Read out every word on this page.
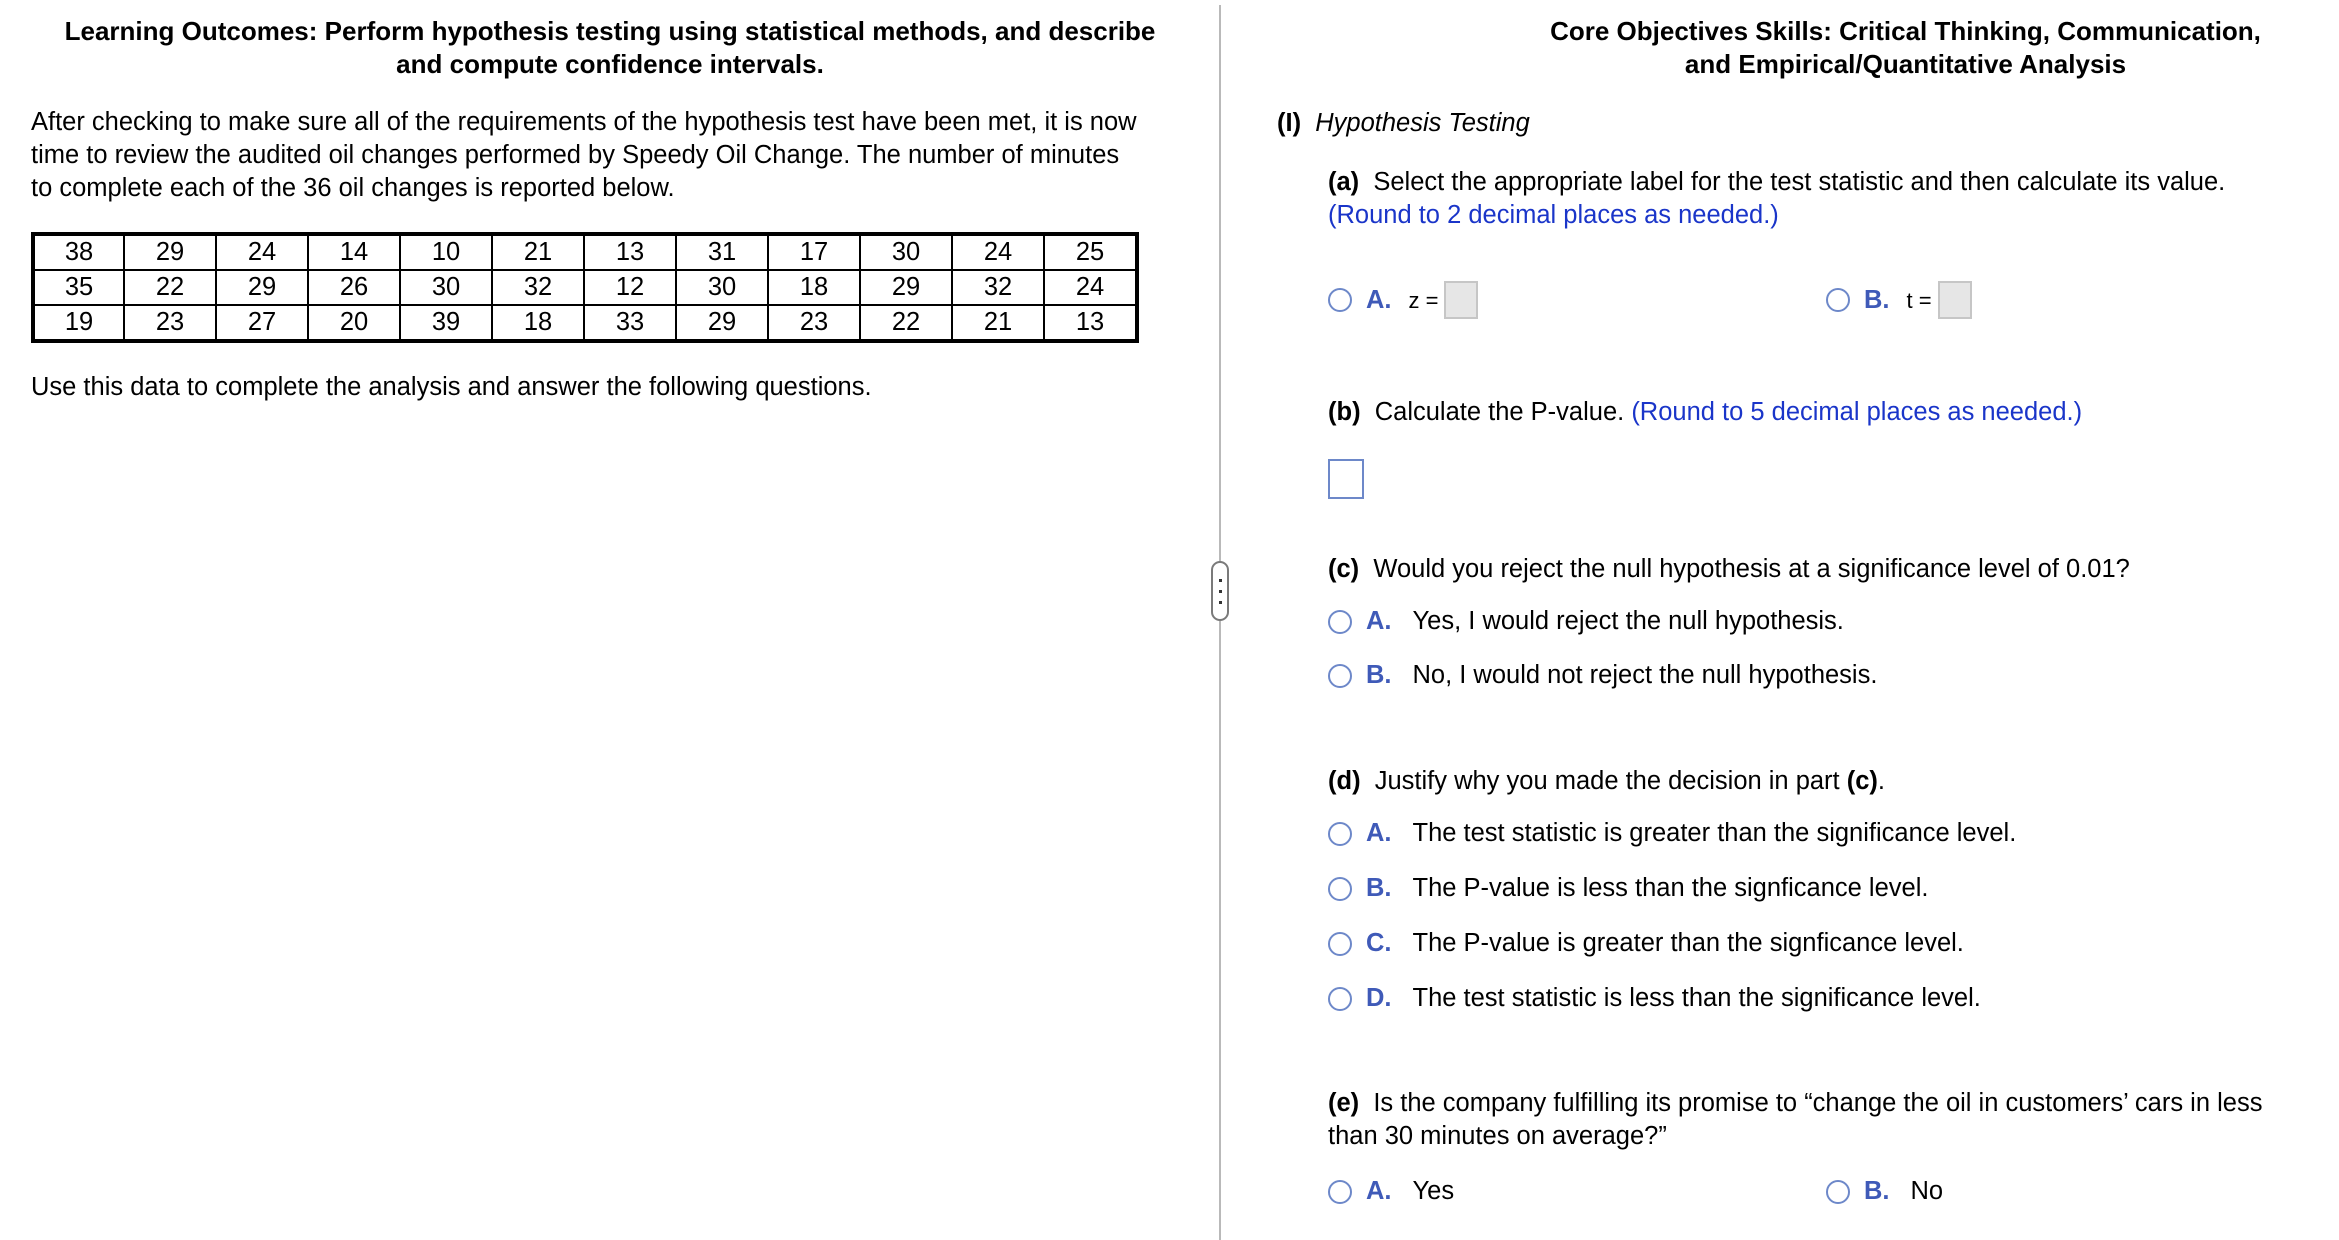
Learning Outcomes: Perform hypothesis testing using statistical methods, and describe
and compute confidence intervals.
After checking to make sure all of the requirements of the hypothesis test have been met, it is now
time to review the audited oil changes performed by Speedy Oil Change. The number of minutes
to complete each of the 36 oil changes is reported below.
38	29	24	14	10	21	13	31	17	30	24	25
35	22	29	26	30	32	12	30	18	29	32	24
19	23	27	20	39	18	33	29	23	22	21	13
Use this data to complete the analysis and answer the following questions.
Core Objectives Skills: Critical Thinking, Communication,
and Empirical/Quantitative Analysis
(I) Hypothesis Testing
(a) Select the appropriate label for the test statistic and then calculate its value.
(Round to 2 decimal places as needed.)
A. z =	B. t =
(b) Calculate the P-value. (Round to 5 decimal places as needed.)
(c) Would you reject the null hypothesis at a significance level of 0.01?
A. Yes, I would reject the null hypothesis.
B. No, I would not reject the null hypothesis.
(d) Justify why you made the decision in part (c).
A. The test statistic is greater than the significance level.
B. The P-value is less than the signficance level.
C. The P-value is greater than the signficance level.
D. The test statistic is less than the significance level.
(e) Is the company fulfilling its promise to “change the oil in customers’ cars in less
than 30 minutes on average?”
A. Yes	B. No
